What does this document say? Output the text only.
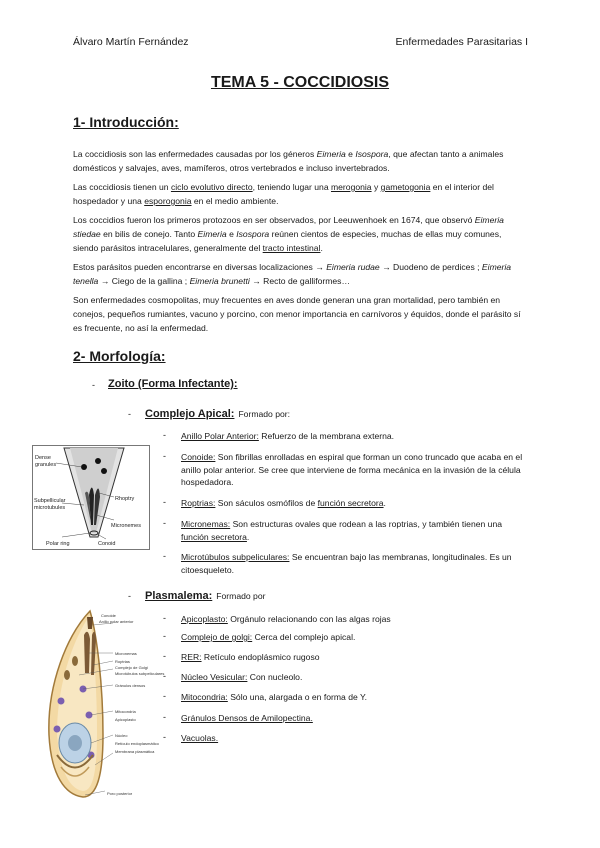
Álvaro Martín Fernández	Enfermedades Parasitarias I
TEMA 5 - COCCIDIOSIS
1- Introducción:

La coccidiosis son las enfermedades causadas por los géneros Eimeria e Isospora, que afectan tanto a animales domésticos y salvajes, aves, mamíferos, otros vertebrados e incluso invertebrados.

Las coccidiosis tienen un ciclo evolutivo directo, teniendo lugar una merogonia y gametogonia en el interior del hospedador y una esporogonia en el medio ambiente.

Los coccidios fueron los primeros protozoos en ser observados, por Leeuwenhoek en 1674, que observó Eimeria stiedae en bilis de conejo. Tanto Eimeria e Isospora reúnen cientos de especies, muchas de ellas muy comunes, siendo parásitos intracelulares, generalmente del tracto intestinal.

Estos parásitos pueden encontrarse en diversas localizaciones → Eimeria rudae → Duodeno de perdices ; Eimeria tenella → Ciego de la gallina ; Eimeria brunetti → Recto de galliformes…

Son enfermedades cosmopolitas, muy frecuentes en aves donde generan una gran mortalidad, pero también en conejos, pequeños rumiantes, vacuno y porcino, con menor importancia en carnívoros y équidos, donde el parásito sí es frecuente, no así la enfermedad.

2- Morfología:
- Zoito (Forma Infectante):
- Complejo Apical: Formado por:
- Anillo Polar Anterior: Refuerzo de la membrana externa.
- Conoide: Son fibrillas enrolladas en espiral que forman un cono truncado que acaba en el anillo polar anterior. Se cree que interviene de forma mecánica en la invasión de la célula hospedadora.
- Roptrias: Son sáculos osmófilos de función secretora.
- Micronemas: Son estructuras ovales que rodean a las roptrias, y también tienen una función secretora.
- Microtúbulos subpeliculares: Se encuentran bajo las membranas, longitudinales. Es un citoesqueleto.
- Plasmalema: Formado por
- Apicoplasto: Orgánulo relacionando con las algas rojas
- Complejo de golgi: Cerca del complejo apical.
- RER: Retículo endoplásmico rugoso
- Núcleo Vesicular: Con nucleolo.
- Mitocondria: Sólo una, alargada o en forma de Y.
- Gránulos Densos de Amilopectina.
- Vacuolas.
Dense
granules
Subpellicular
microtubules
Rhoptry
Micronemes
Polar ring	Conoid
Conoide
Anillo polar anterior
Micronemas
Roptrias
Complejo de Golgi
Microtúbulos subpeliculares
Gránulos densos
Mitocondria
Apicoplasto
Núcleo
Retículo endoplasmático
Membrana plasmática
Poro posterior
